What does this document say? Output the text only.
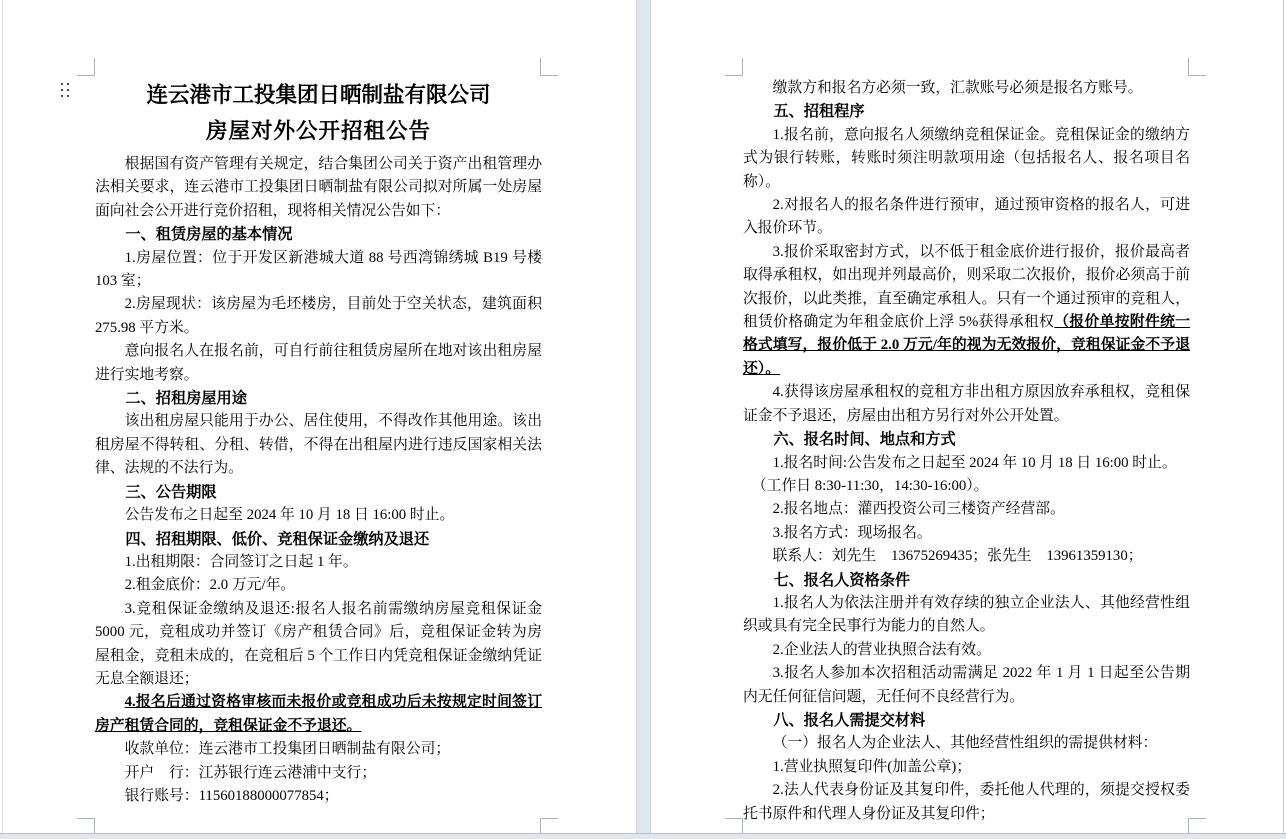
连云港市工投集团日晒制盐有限公司

房屋对外公开招租公告

根据国有资产管理有关规定，结合集团公司关于资产出租管理办法相关要求，连云港市工投集团日晒制盐有限公司拟对所属一处房屋面向社会公开进行竞价招租，现将相关情况公告如下：

一、租赁房屋的基本情况

1.房屋位置：位于开发区新港城大道 88 号西湾锦绣城 B19 号楼 103 室；

2.房屋现状：该房屋为毛坯楼房，目前处于空关状态，建筑面积 275.98 平方米。

意向报名人在报名前，可自行前往租赁房屋所在地对该出租房屋进行实地考察。

二、招租房屋用途

该出租房屋只能用于办公、居住使用，不得改作其他用途。该出租房屋不得转租、分租、转借，不得在出租屋内进行违反国家相关法律、法规的不法行为。

三、公告期限

公告发布之日起至 2024 年 10 月 18 日 16:00 时止。

四、招租期限、低价、竞租保证金缴纳及退还

1.出租期限：合同签订之日起 1 年。

2.租金底价：2.0 万元/年。

3.竞租保证金缴纳及退还:报名人报名前需缴纳房屋竞租保证金 5000 元，竞租成功并签订《房产租赁合同》后，竞租保证金转为房屋租金，竞租未成的，在竞租后 5 个工作日内凭竞租保证金缴纳凭证无息全额退还；

4.报名后通过资格审核而未报价或竞租成功后未按规定时间签订房产租赁合同的，竞租保证金不予退还。

收款单位：连云港市工投集团日晒制盐有限公司；

开户　行：江苏银行连云港浦中支行；

银行账号：11560188000077854；

缴款方和报名方必须一致，汇款账号必须是报名方账号。

五、招租程序

1.报名前，意向报名人须缴纳竞租保证金。竞租保证金的缴纳方式为银行转账，转账时须注明款项用途（包括报名人、报名项目名称）。

2.对报名人的报名条件进行预审，通过预审资格的报名人，可进入报价环节。

3.报价采取密封方式，以不低于租金底价进行报价，报价最高者取得承租权，如出现并列最高价，则采取二次报价，报价必须高于前次报价，以此类推，直至确定承租人。只有一个通过预审的竞租人，租赁价格确定为年租金底价上浮 5%获得承租权（报价单按附件统一格式填写，报价低于 2.0 万元/年的视为无效报价，竞租保证金不予退还）。

4.获得该房屋承租权的竞租方非出租方原因放弃承租权，竞租保证金不予退还，房屋由出租方另行对外公开处置。

六、报名时间、地点和方式

1.报名时间:公告发布之日起至 2024 年 10 月 18 日 16:00 时止。

（工作日 8:30-11:30，14:30-16:00）。

2.报名地点：灌西投资公司三楼资产经营部。

3.报名方式：现场报名。

联系人：刘先生　13675269435；张先生　13961359130；

七、报名人资格条件

1.报名人为依法注册并有效存续的独立企业法人、其他经营性组织或具有完全民事行为能力的自然人。

2.企业法人的营业执照合法有效。

3.报名人参加本次招租活动需满足 2022 年 1 月 1 日起至公告期内无任何征信问题，无任何不良经营行为。

八、报名人需提交材料

（一）报名人为企业法人、其他经营性组织的需提供材料：

1.营业执照复印件(加盖公章)；

2.法人代表身份证及其复印件，委托他人代理的，须提交授权委托书原件和代理人身份证及其复印件；
